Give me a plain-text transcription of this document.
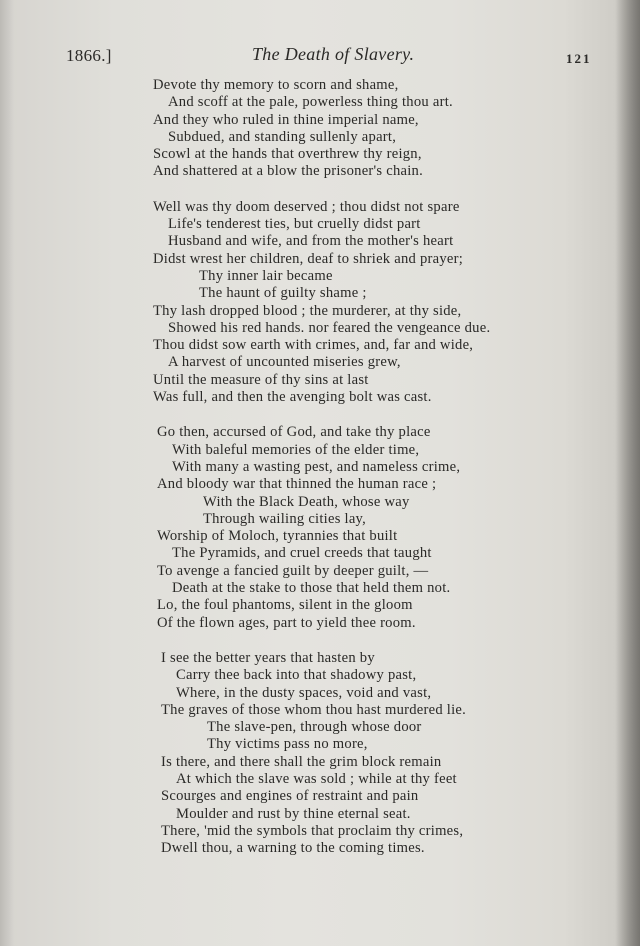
1866.]	The Death of Slavery.	121
Devote thy memory to scorn and shame,
And scoff at the pale, powerless thing thou art.
And they who ruled in thine imperial name,
Subdued, and standing sullenly apart,
Scowl at the hands that overthrew thy reign,
And shattered at a blow the prisoner's chain.
Well was thy doom deserved ; thou didst not spare
Life's tenderest ties, but cruelly didst part
Husband and wife, and from the mother's heart
Didst wrest her children, deaf to shriek and prayer;
Thy inner lair became
The haunt of guilty shame ;
Thy lash dropped blood ; the murderer, at thy side,
Showed his red hands. nor feared the vengeance due.
Thou didst sow earth with crimes, and, far and wide,
A harvest of uncounted miseries grew,
Until the measure of thy sins at last
Was full, and then the avenging bolt was cast.
Go then, accursed of God, and take thy place
With baleful memories of the elder time,
With many a wasting pest, and nameless crime,
And bloody war that thinned the human race ;
With the Black Death, whose way
Through wailing cities lay,
Worship of Moloch, tyrannies that built
The Pyramids, and cruel creeds that taught
To avenge a fancied guilt by deeper guilt, —
Death at the stake to those that held them not.
Lo, the foul phantoms, silent in the gloom
Of the flown ages, part to yield thee room.
I see the better years that hasten by
Carry thee back into that shadowy past,
Where, in the dusty spaces, void and vast,
The graves of those whom thou hast murdered lie.
The slave-pen, through whose door
Thy victims pass no more,
Is there, and there shall the grim block remain
At which the slave was sold ; while at thy feet
Scourges and engines of restraint and pain
Moulder and rust by thine eternal seat.
There, 'mid the symbols that proclaim thy crimes,
Dwell thou, a warning to the coming times.
